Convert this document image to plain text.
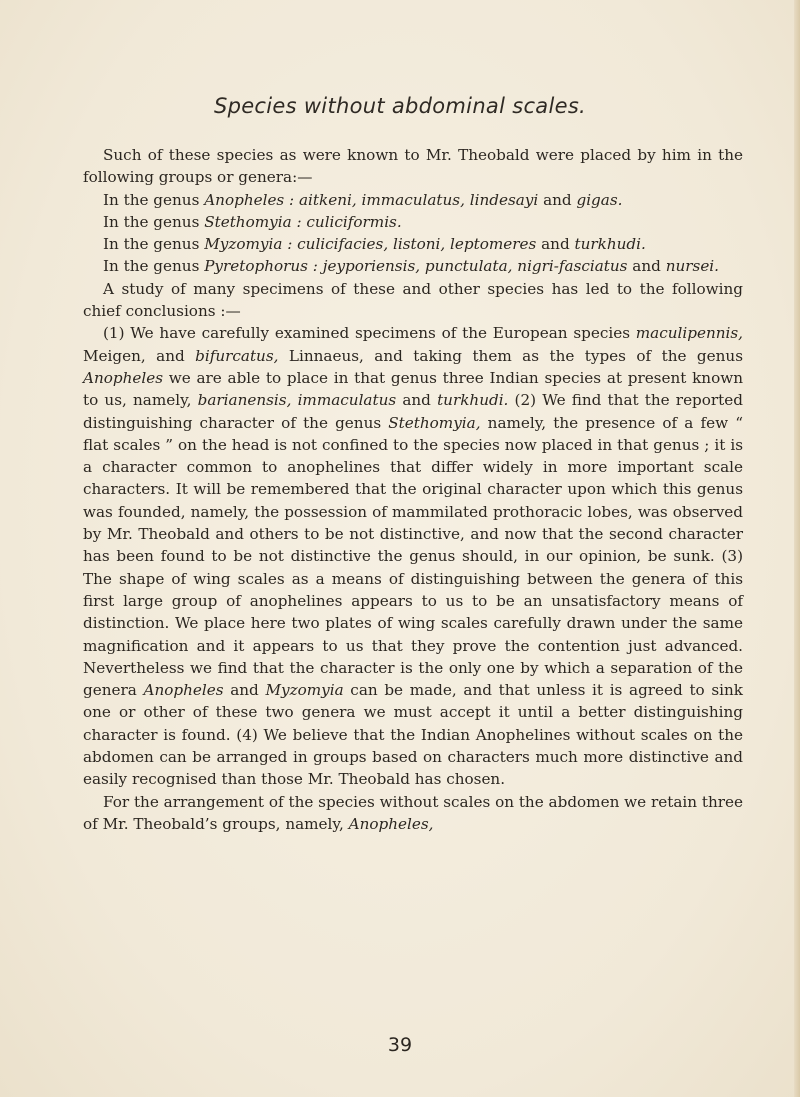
Species without abdominal scales.

Such of these species as were known to Mr. Theobald were placed by him in the following groups or genera:—

In the genus Anopheles : aitkeni, immaculatus, lindesayi and gigas.

In the genus Stethomyia : culiciformis.

In the genus Myzomyia : culicifacies, listoni, leptomeres and turkhudi.

In the genus Pyretophorus : jeyporiensis, punctulata, nigri-fasciatus and nursei.

A study of many specimens of these and other species has led to the following chief conclusions :—

(1) We have carefully examined specimens of the European species maculipennis, Meigen, and bifurcatus, Linnaeus, and taking them as the types of the genus Anopheles we are able to place in that genus three Indian species at present known to us, namely, barianensis, immaculatus and turkhudi. (2) We find that the reported distinguishing character of the genus Stethomyia, namely, the presence of a few “ flat scales ” on the head is not confined to the species now placed in that genus ; it is a character common to anophelines that differ widely in more important scale characters. It will be remembered that the original character upon which this genus was founded, namely, the possession of mammilated prothoracic lobes, was observed by Mr. Theobald and others to be not distinctive, and now that the second character has been found to be not distinctive the genus should, in our opinion, be sunk. (3) The shape of wing scales as a means of distinguishing between the genera of this first large group of anophelines appears to us to be an unsatisfactory means of distinction. We place here two plates of wing scales carefully drawn under the same magnification and it appears to us that they prove the contention just advanced. Nevertheless we find that the character is the only one by which a separation of the genera Anopheles and Myzomyia can be made, and that unless it is agreed to sink one or other of these two genera we must accept it until a better distinguishing character is found. (4) We believe that the Indian Anophelines without scales on the abdomen can be arranged in groups based on characters much more distinctive and easily recognised than those Mr. Theobald has chosen.

For the arrangement of the species without scales on the abdomen we retain three of Mr. Theobald’s groups, namely, Anopheles,

39
